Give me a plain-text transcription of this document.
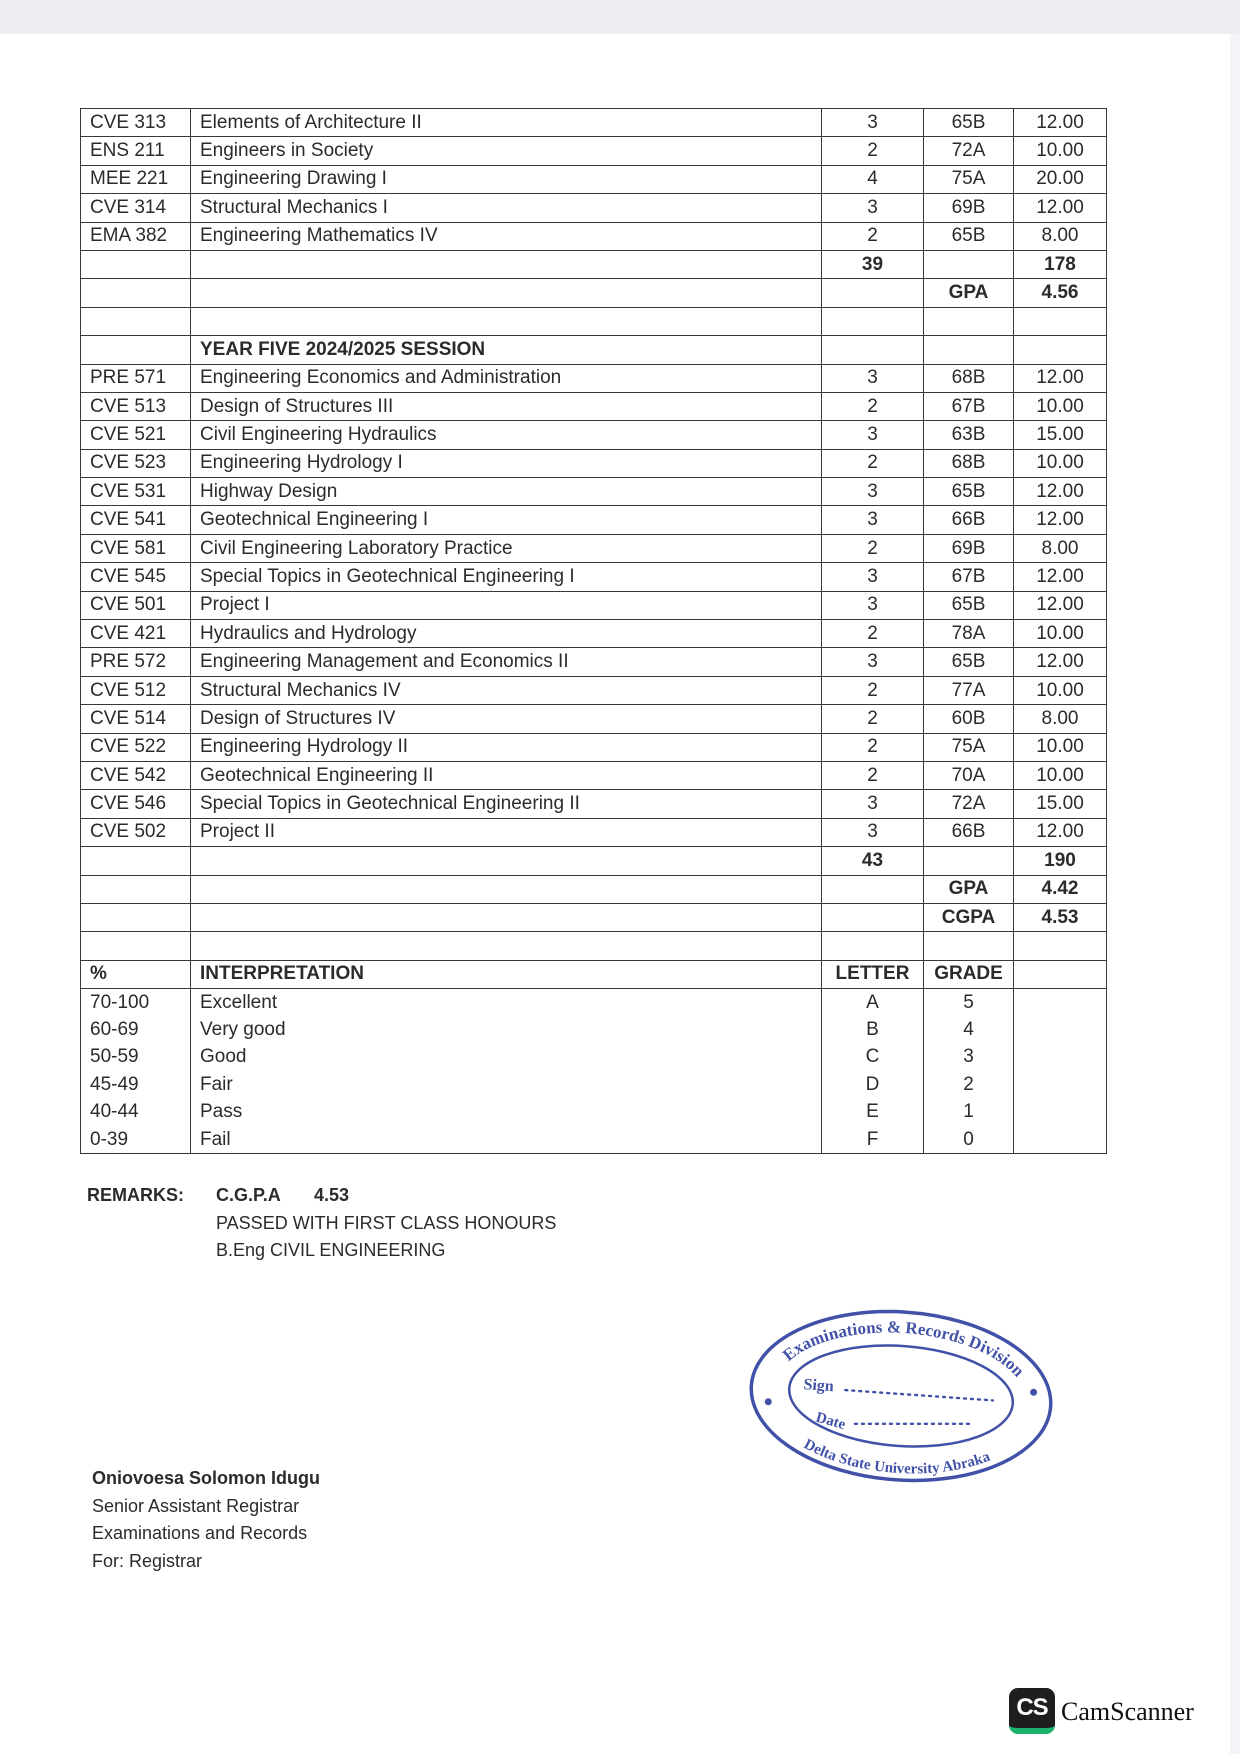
CVE 313	Elements of Architecture II	3	65B	12.00
ENS 211	Engineers in Society	2	72A	10.00
MEE 221	Engineering Drawing I	4	75A	20.00
CVE 314	Structural Mechanics I	3	69B	12.00
EMA 382	Engineering Mathematics IV	2	65B	8.00
		39		178
			GPA	4.56

	YEAR FIVE 2024/2025 SESSION			
PRE 571	Engineering Economics and Administration	3	68B	12.00
CVE 513	Design of Structures III	2	67B	10.00
CVE 521	Civil Engineering Hydraulics	3	63B	15.00
CVE 523	Engineering Hydrology I	2	68B	10.00
CVE 531	Highway Design	3	65B	12.00
CVE 541	Geotechnical Engineering I	3	66B	12.00
CVE 581	Civil Engineering Laboratory Practice	2	69B	8.00
CVE 545	Special Topics in Geotechnical Engineering I	3	67B	12.00
CVE 501	Project I	3	65B	12.00
CVE 421	Hydraulics and Hydrology	2	78A	10.00
PRE 572	Engineering Management and Economics II	3	65B	12.00
CVE 512	Structural Mechanics IV	2	77A	10.00
CVE 514	Design of Structures IV	2	60B	8.00
CVE 522	Engineering Hydrology II	2	75A	10.00
CVE 542	Geotechnical Engineering II	2	70A	10.00
CVE 546	Special Topics in Geotechnical Engineering II	3	72A	15.00
CVE 502	Project II	3	66B	12.00
		43		190
			GPA	4.42
			CGPA	4.53

%	INTERPRETATION	LETTER	GRADE	
70-100	Excellent	A	5	
60-69	Very good	B	4	
50-59	Good	C	3	
45-49	Fair	D	2	
40-44	Pass	E	1	
0-39	Fail	F	0	
REMARKS: C.G.P.A 4.53
PASSED WITH FIRST CLASS HONOURS
B.Eng CIVIL ENGINEERING
Examinations & Records Division
Delta State University Abraka
Sign
Date
Oniovoesa Solomon Idugu
Senior Assistant Registrar
Examinations and Records
For: Registrar
CS CamScanner
